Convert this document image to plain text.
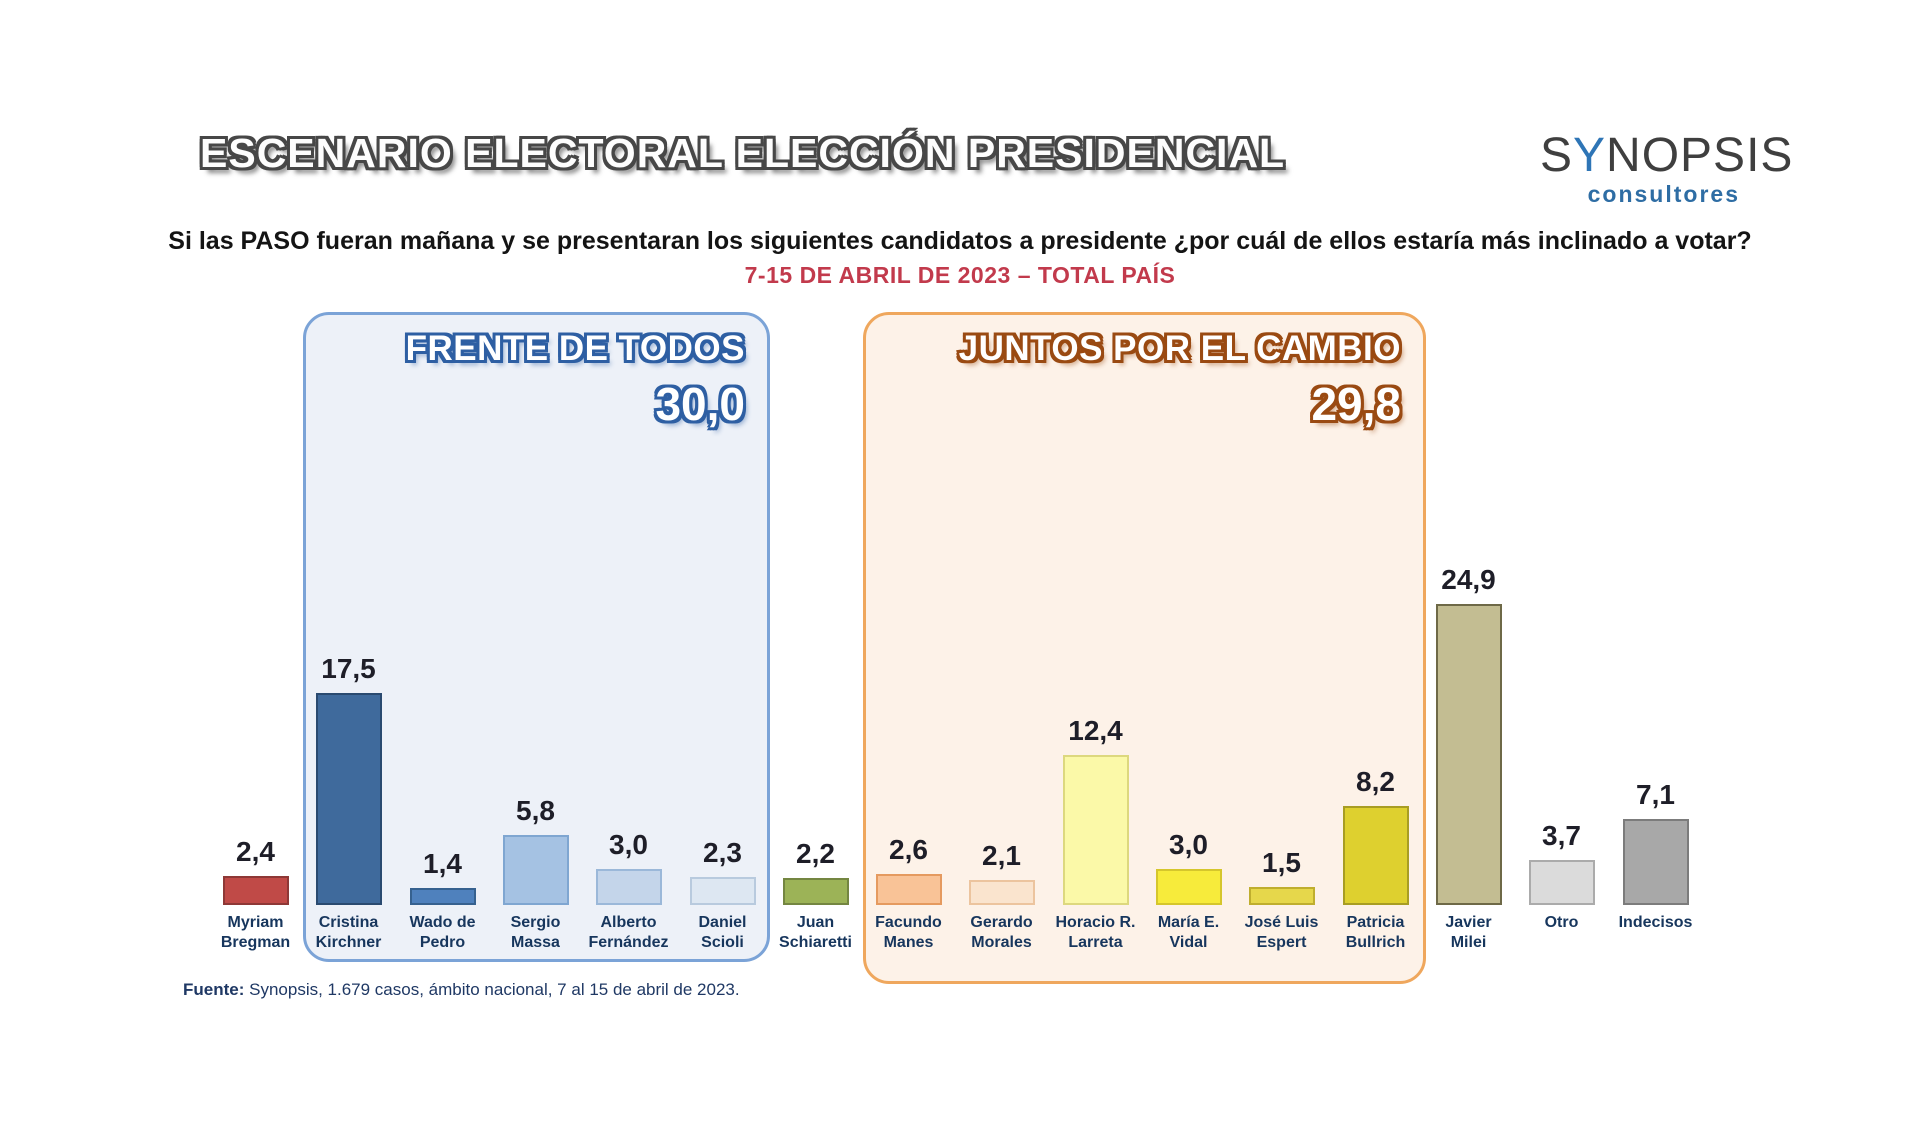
ESCENARIO ELECTORAL ELECCIÓN PRESIDENCIAL	SYNOPSIS
consultores
Si las PASO fueran mañana y se presentaran los siguientes candidatos a presidente ¿por cuál de ellos estaría más inclinado a votar?
7-15 DE ABRIL DE 2023 – TOTAL PAÍS
FRENTE DE TODOS
30,0
JUNTOS POR EL CAMBIO
29,8
2,4
Myriam
Bregman
17,5
Cristina
Kirchner
1,4
Wado de
Pedro
5,8
Sergio
Massa
3,0
Alberto
Fernández
2,3
Daniel
Scioli
2,2
Juan
Schiaretti
2,6
Facundo
Manes
2,1
Gerardo
Morales
12,4
Horacio R.
Larreta
3,0
María E.
Vidal
1,5
José Luis
Espert
8,2
Patricia
Bullrich
24,9
Javier
Milei
3,7
Otro
7,1
Indecisos
Fuente: Synopsis, 1.679 casos, ámbito nacional, 7 al 15 de abril de 2023.
